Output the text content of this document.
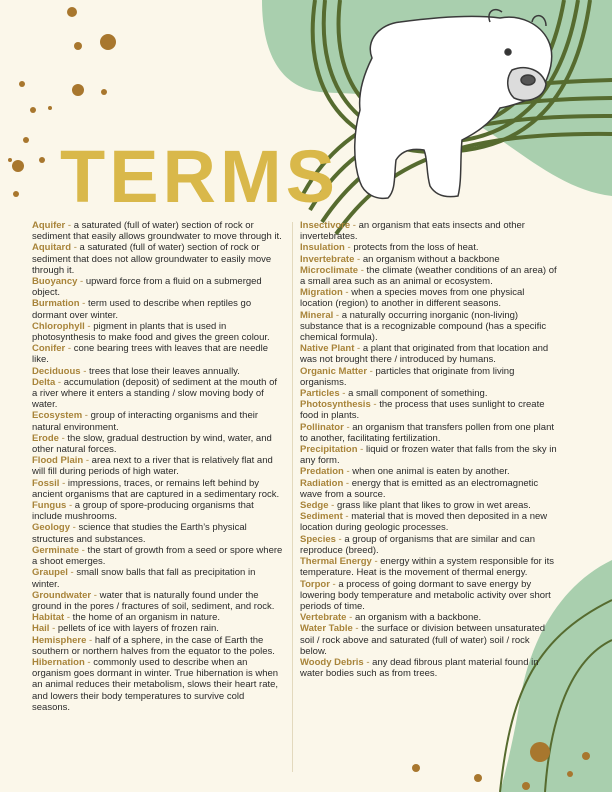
TERMS

Aquifer - a saturated (full of water) section of rock or sediment that easily allows groundwater to move through it.

Aquitard - a saturated (full of water) section of rock or sediment that does not allow groundwater to easily move through it.

Buoyancy - upward force from a fluid on a submerged object.

Burmation - term used to describe when reptiles go dormant over winter.

Chlorophyll - pigment in plants that is used in photosynthesis to make food and gives the green colour.

Conifer - cone bearing trees with leaves that are needle like.

Deciduous - trees that lose their leaves annually.

Delta - accumulation (deposit) of sediment at the mouth of a river where it enters a standing / slow moving body of water.

Ecosystem - group of interacting organisms and their natural environment.

Erode - the slow, gradual destruction by wind, water, and other natural forces.

Flood Plain - area next to a river that is relatively flat and will fill during periods of high water.

Fossil - impressions, traces, or remains left behind by ancient organisms that are captured in a sedimentary rock.

Fungus - a group of spore-producing organisms that include mushrooms.

Geology - science that studies the Earth’s physical structures and substances.

Germinate - the start of growth from a seed or spore where a shoot emerges.

Graupel - small snow balls that fall as precipitation in winter.

Groundwater - water that is naturally found under the ground in the pores / fractures of soil, sediment, and rock.

Habitat - the home of an organism in nature.

Hail - pellets of ice with layers of frozen rain.

Hemisphere - half of a sphere, in the case of Earth the southern or northern halves from the equator to the poles.

Hibernation - commonly used to describe when an organism goes dormant in winter. True hibernation is when an animal reduces their metabolism, slows their heart rate, and lowers their body temperatures to survive cold seasons.

Insectivore - an organism that eats insects and other invertebrates.

Insulation - protects from the loss of heat.

Invertebrate - an organism without a backbone

Microclimate - the climate (weather conditions of an area) of a small area such as an animal or ecosystem.

Migration - when a species moves from one physical location (region) to another in different seasons.

Mineral - a naturally occurring inorganic (non-living) substance that is a recognizable compound (has a specific chemical formula).

Native Plant - a plant that originated from that location and was not brought there / introduced by humans.

Organic Matter - particles that originate from living organisms.

Particles - a small component of something.

Photosynthesis - the process that uses sunlight to create food in plants.

Pollinator - an organism that transfers pollen from one plant to another, facilitating fertilization.

Precipitation - liquid or frozen water that falls from the sky in any form.

Predation - when one animal is eaten by another.

Radiation - energy that is emitted as an electromagnetic wave from a source.

Sedge - grass like plant that likes to grow in wet areas.

Sediment - material that is moved then deposited in a new location during geologic processes.

Species - a group of organisms that are similar and can reproduce (breed).

Thermal Energy - energy within a system responsible for its temperature. Heat is the movement of thermal energy.

Torpor - a process of going dormant to save energy by lowering body temperature and metabolic activity over short periods of time.

Vertebrate - an organism with a backbone.

Water Table - the surface or division between unsaturated soil / rock above and saturated (full of water) soil / rock below.

Woody Debris - any dead fibrous plant material found in water bodies such as from trees.
